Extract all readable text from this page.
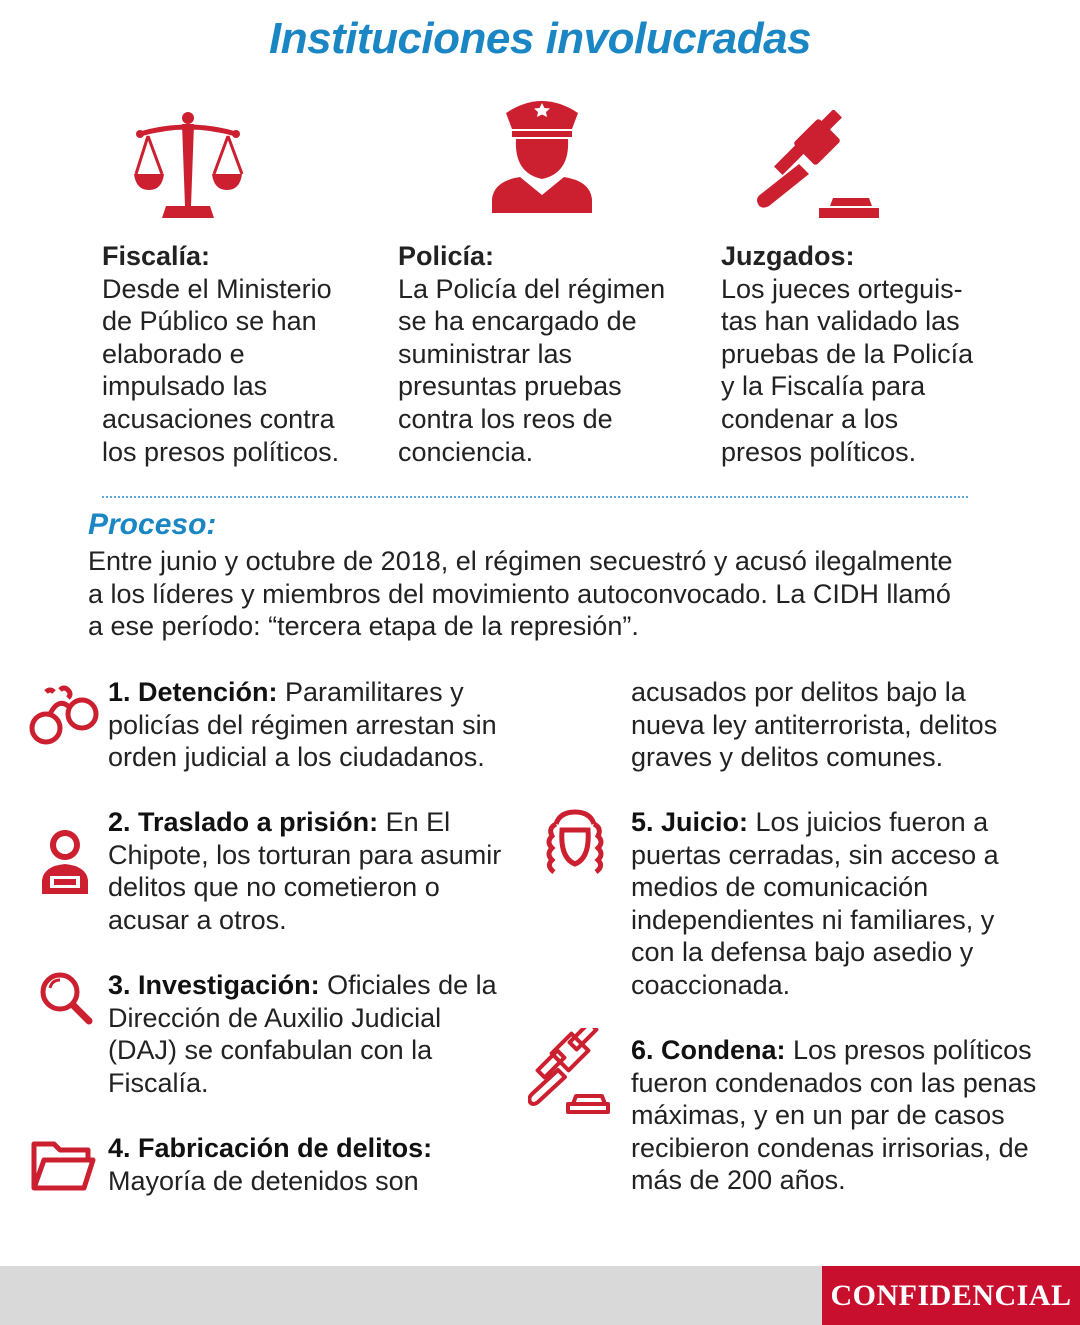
Instituciones involucradas
Fiscalía:
Desde el Ministerio
de Público se han
elaborado e
impulsado las
acusaciones contra
los presos políticos.
Policía:
La Policía del régimen
se ha encargado de
suministrar las
presuntas pruebas
contra los reos de
conciencia.
Juzgados:
Los jueces orteguis-
tas han validado las
pruebas de la Policía
y la Fiscalía para
condenar a los
presos políticos.
Proceso:
Entre junio y octubre de 2018, el régimen secuestró y acusó ilegalmente
a los líderes y miembros del movimiento autoconvocado. La CIDH llamó
a ese período: “tercera etapa de la represión”.
1. Detención: Paramilitares y
policías del régimen arrestan sin
orden judicial a los ciudadanos.
2. Traslado a prisión: En El
Chipote, los torturan para asumir
delitos que no cometieron o
acusar a otros.
3. Investigación: Oficiales de la
Dirección de Auxilio Judicial
(DAJ) se confabulan con la
Fiscalía.
4. Fabricación de delitos:
Mayoría de detenidos son
acusados por delitos bajo la
nueva ley antiterrorista, delitos
graves y delitos comunes.
5. Juicio: Los juicios fueron a
puertas cerradas, sin acceso a
medios de comunicación
independientes ni familiares, y
con la defensa bajo asedio y
coaccionada.
6. Condena: Los presos políticos
fueron condenados con las penas
máximas, y en un par de casos
recibieron condenas irrisorias, de
más de 200 años.
CONFIDENCIAL
